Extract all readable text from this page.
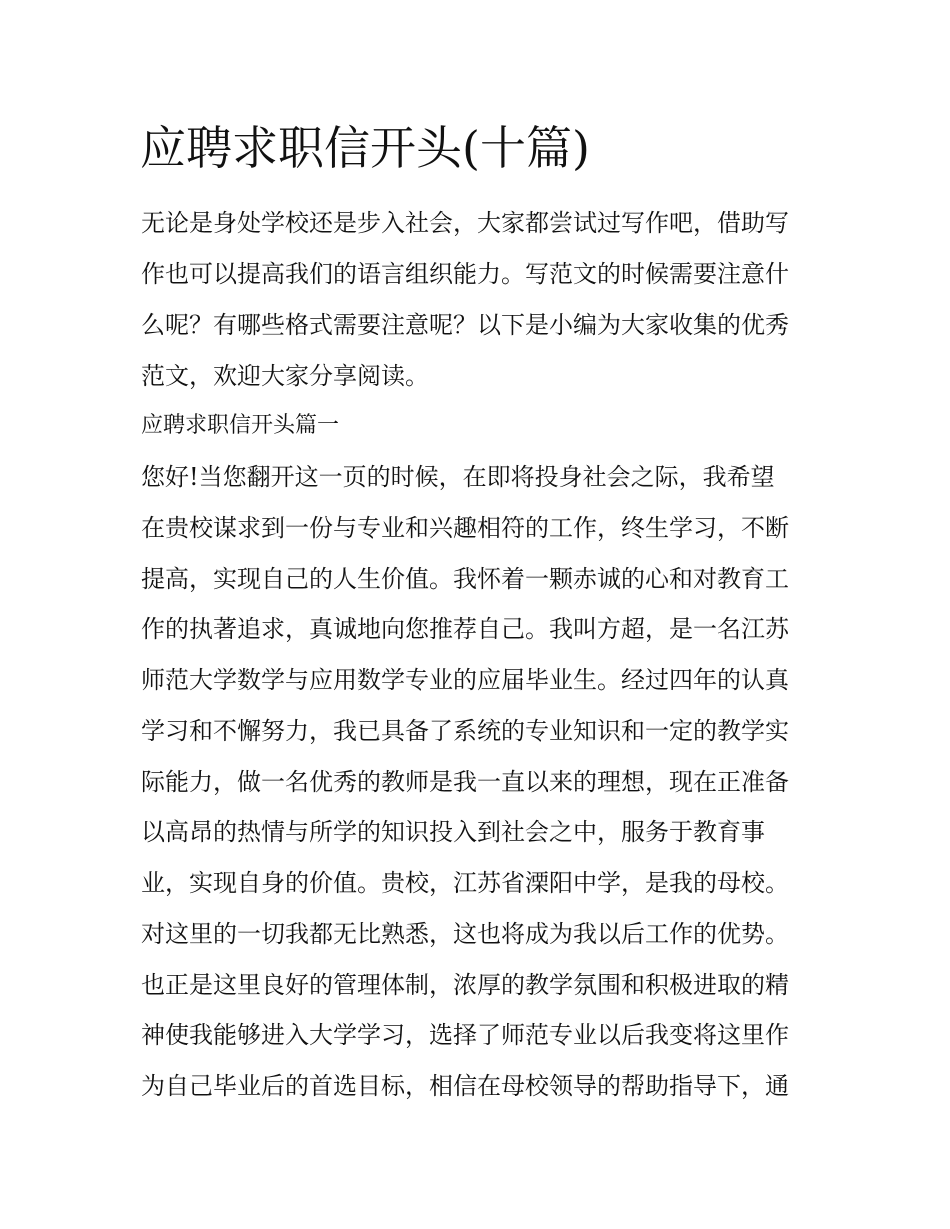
应聘求职信开头(十篇)

无论是身处学校还是步入社会，大家都尝试过写作吧，借助写

作也可以提高我们的语言组织能力。写范文的时候需要注意什

么呢？有哪些格式需要注意呢？以下是小编为大家收集的优秀

范文，欢迎大家分享阅读。

应聘求职信开头篇一

您好!当您翻开这一页的时候，在即将投身社会之际，我希望

在贵校谋求到一份与专业和兴趣相符的工作，终生学习，不断

提高，实现自己的人生价值。我怀着一颗赤诚的心和对教育工

作的执著追求，真诚地向您推荐自己。我叫方超，是一名江苏

师范大学数学与应用数学专业的应届毕业生。经过四年的认真

学习和不懈努力，我已具备了系统的专业知识和一定的教学实

际能力，做一名优秀的教师是我一直以来的理想，现在正准备

以高昂的热情与所学的知识投入到社会之中，服务于教育事

业，实现自身的价值。贵校，江苏省溧阳中学，是我的母校。

对这里的一切我都无比熟悉，这也将成为我以后工作的优势。

也正是这里良好的管理体制，浓厚的教学氛围和积极进取的精

神使我能够进入大学学习，选择了师范专业以后我变将这里作

为自己毕业后的首选目标，相信在母校领导的帮助指导下，通
